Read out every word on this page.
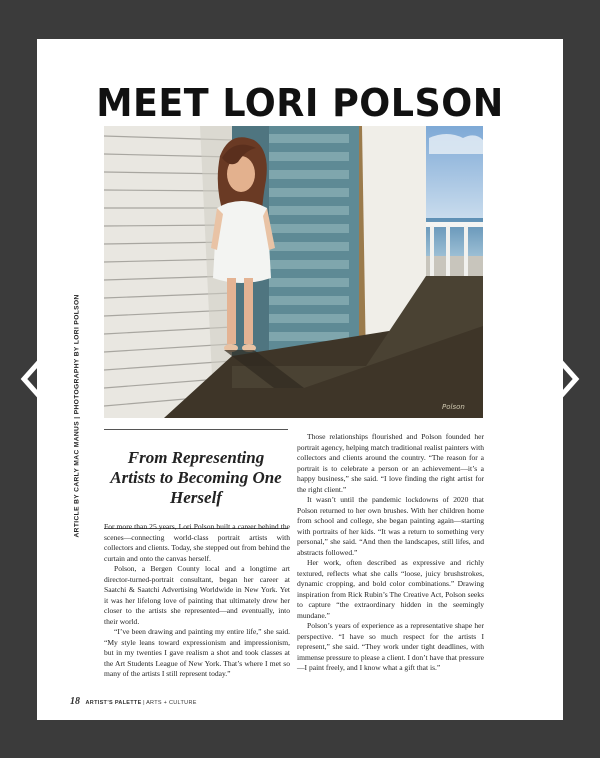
MEET LORI POLSON
ARTICLE BY CARLY MAC MANUS | PHOTOGRAPHY BY LORI POLSON	Polson
From Representing Artists to Becoming One Herself

For more than 25 years, Lori Polson built a career behind the scenes—connecting world-class portrait artists with collectors and clients. Today, she stepped out from behind the curtain and onto the canvas herself.

Polson, a Bergen County local and a longtime art director-turned-portrait consultant, began her career at Saatchi & Saatchi Advertising Worldwide in New York. Yet it was her lifelong love of painting that ultimately drew her closer to the artists she represented—and eventually, into their world.

“I’ve been drawing and painting my entire life,” she said. “My style leans toward expressionism and impressionism, but in my twenties I gave realism a shot and took classes at the Art Students League of New York. That’s where I met so many of the artists I still represent today.”

Those relationships flourished and Polson founded her portrait agency, helping match traditional realist painters with collectors and clients around the country. “The reason for a portrait is to celebrate a person or an achievement—it’s a happy business,” she said. “I love finding the right artist for the right client.”

It wasn’t until the pandemic lockdowns of 2020 that Polson returned to her own brushes. With her children home from school and college, she began painting again—starting with portraits of her kids. “It was a return to something very personal,” she said. “And then the landscapes, still lifes, and abstracts followed.”

Her work, often described as expressive and richly textured, reflects what she calls “loose, juicy brushstrokes, dynamic cropping, and bold color combinations.” Drawing inspiration from Rick Rubin’s The Creative Act, Polson seeks to capture “the extraordinary hidden in the seemingly mundane.”

Polson’s years of experience as a representative shape her perspective. “I have so much respect for the artists I represent,” she said. “They work under tight deadlines, with immense pressure to please a client. I don’t have that pressure—I paint freely, and I know what a gift that is.”

18 ARTIST’S PALETTE | ARTS + CULTURE
